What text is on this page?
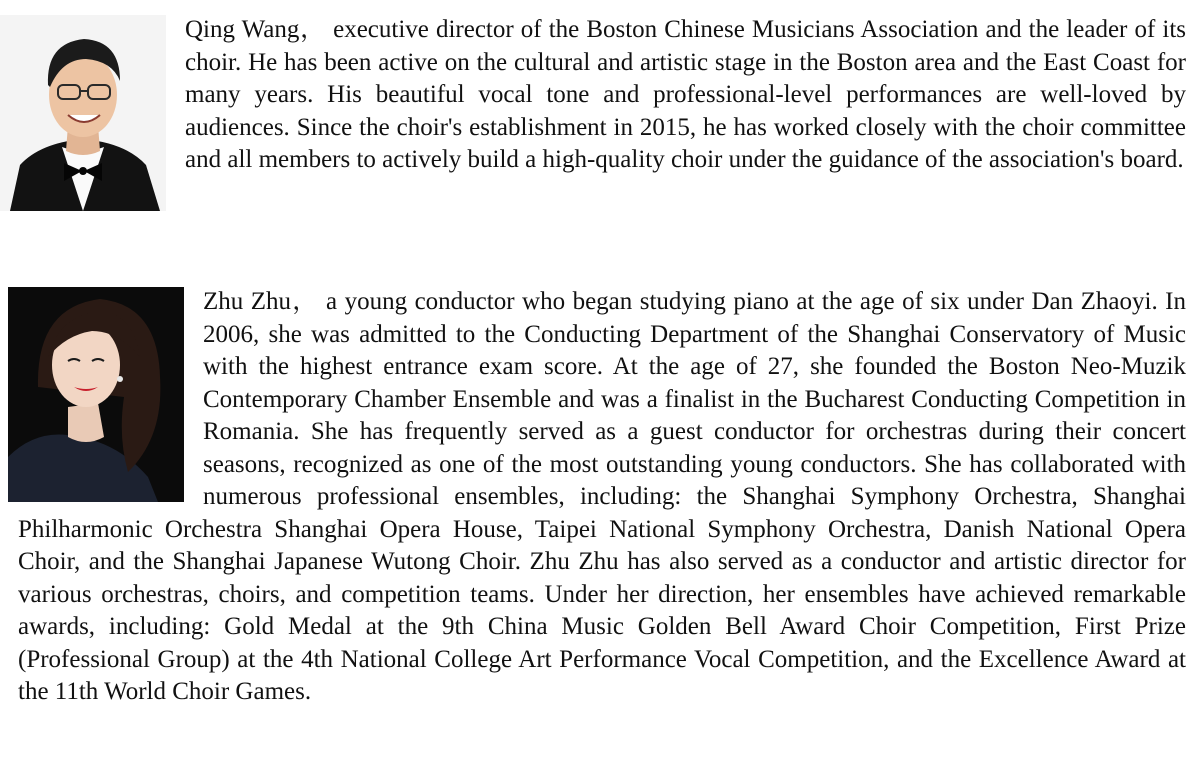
Qing Wang， executive director of the Boston Chinese Musicians Association and the leader of its choir. He has been active on the cultural and artistic stage in the Boston area and the East Coast for many years. His beautiful vocal tone and professional-level performances are well-loved by audiences. Since the choir's establishment in 2015, he has worked closely with the choir committee and all members to actively build a high-quality choir under the guidance of the association's board.
Zhu Zhu， a young conductor who began studying piano at the age of six under Dan Zhaoyi. In 2006, she was admitted to the Conducting Department of the Shanghai Conservatory of Music with the highest entrance exam score. At the age of 27, she founded the Boston Neo-Muzik Contemporary Chamber Ensemble and was a finalist in the Bucharest Conducting Competition in Romania. She has frequently served as a guest conductor for orchestras during their concert seasons, recognized as one of the most outstanding young conductors. She has collaborated with numerous professional ensembles, including: the Shanghai Symphony Orchestra, Shanghai Philharmonic Orchestra Shanghai Opera House, Taipei National Symphony Orchestra, Danish National Opera Choir, and the Shanghai Japanese Wutong Choir. Zhu Zhu has also served as a conductor and artistic director for various orchestras, choirs, and competition teams. Under her direction, her ensembles have achieved remarkable awards, including: Gold Medal at the 9th China Music Golden Bell Award Choir Competition, First Prize (Professional Group) at the 4th National College Art Performance Vocal Competition, and the Excellence Award at the 11th World Choir Games.
